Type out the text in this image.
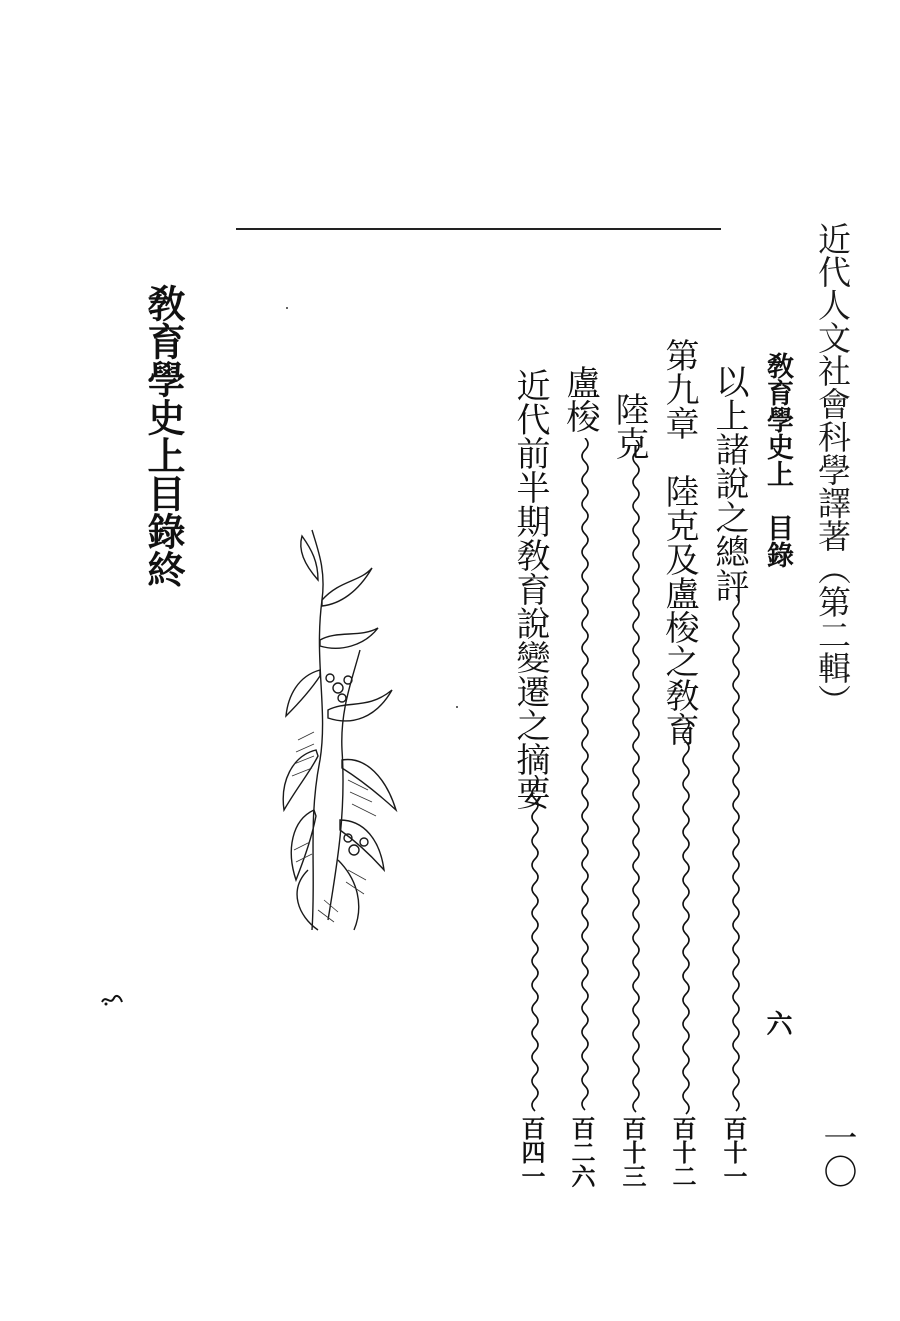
近代人文社會科學譯著（第二輯）
一〇
敎育學史上　目錄
六
以上諸說之總評
第九章　陸克及盧梭之敎育
陸克
盧梭
近代前半期敎育說變遷之摘要
百十一
百十二
百十三
百二六
百四一
敎育學史上目錄終
